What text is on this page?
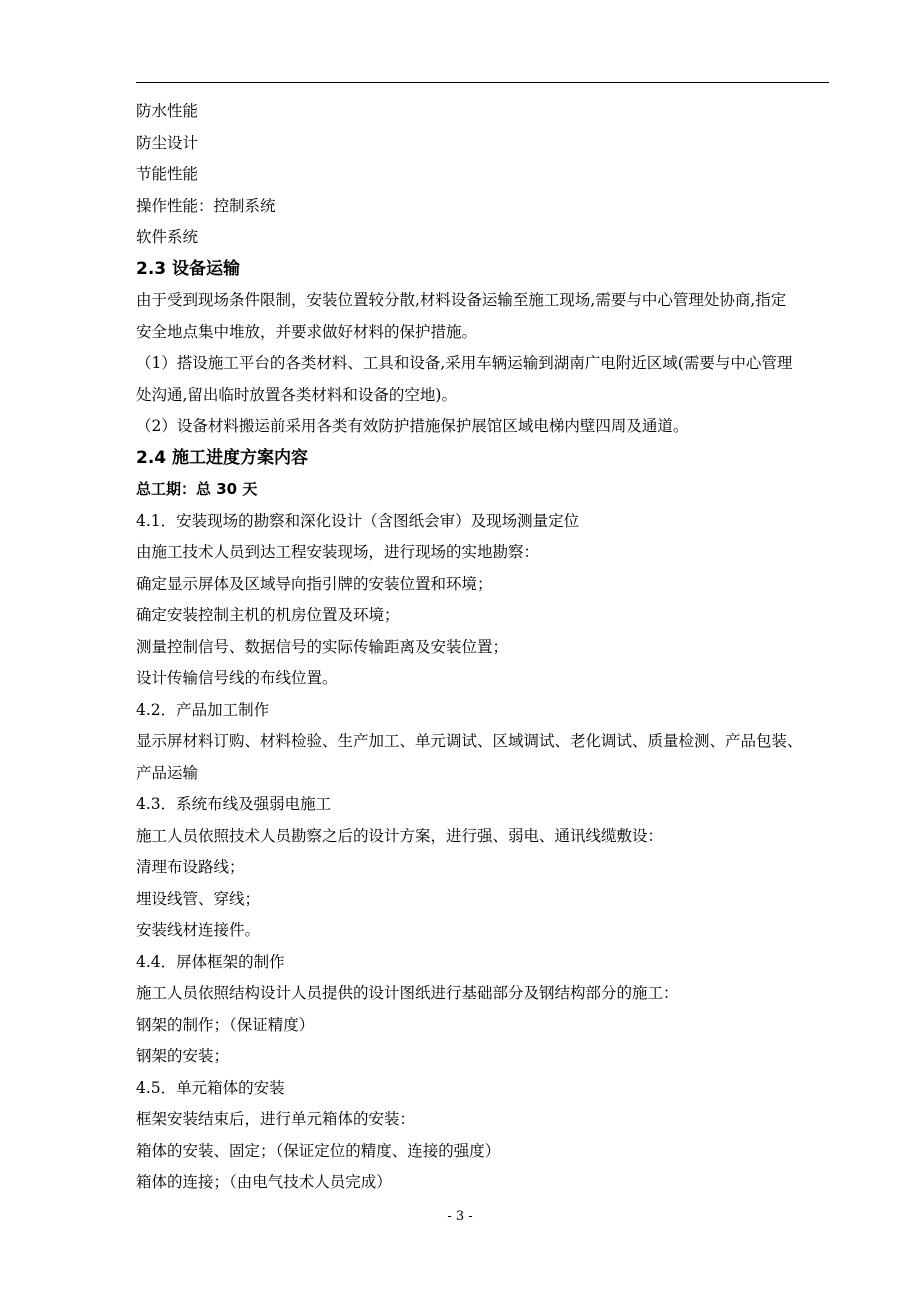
防水性能
防尘设计
节能性能
操作性能：控制系统
软件系统
2.3 设备运输
由于受到现场条件限制，安装位置较分散,材料设备运输至施工现场,需要与中心管理处协商,指定
安全地点集中堆放，并要求做好材料的保护措施。
（1）搭设施工平台的各类材料、工具和设备,采用车辆运输到湖南广电附近区域(需要与中心管理
处沟通,留出临时放置各类材料和设备的空地)。
（2）设备材料搬运前采用各类有效防护措施保护展馆区域电梯内壁四周及通道。
2.4 施工进度方案内容
总工期：总 30 天
4.1．安装现场的勘察和深化设计（含图纸会审）及现场测量定位
由施工技术人员到达工程安装现场，进行现场的实地勘察：
确定显示屏体及区域导向指引牌的安装位置和环境；
确定安装控制主机的机房位置及环境；
测量控制信号、数据信号的实际传输距离及安装位置；
设计传输信号线的布线位置。
4.2．产品加工制作
显示屏材料订购、材料检验、生产加工、单元调试、区域调试、老化调试、质量检测、产品包装、
产品运输
4.3．系统布线及强弱电施工
施工人员依照技术人员勘察之后的设计方案，进行强、弱电、通讯线缆敷设：
清理布设路线；
埋设线管、穿线；
安装线材连接件。
4.4．屏体框架的制作
施工人员依照结构设计人员提供的设计图纸进行基础部分及钢结构部分的施工：
钢架的制作；（保证精度）
钢架的安装；
4.5．单元箱体的安装
框架安装结束后，进行单元箱体的安装：
箱体的安装、固定；（保证定位的精度、连接的强度）
箱体的连接；（由电气技术人员完成）
- 3 -
